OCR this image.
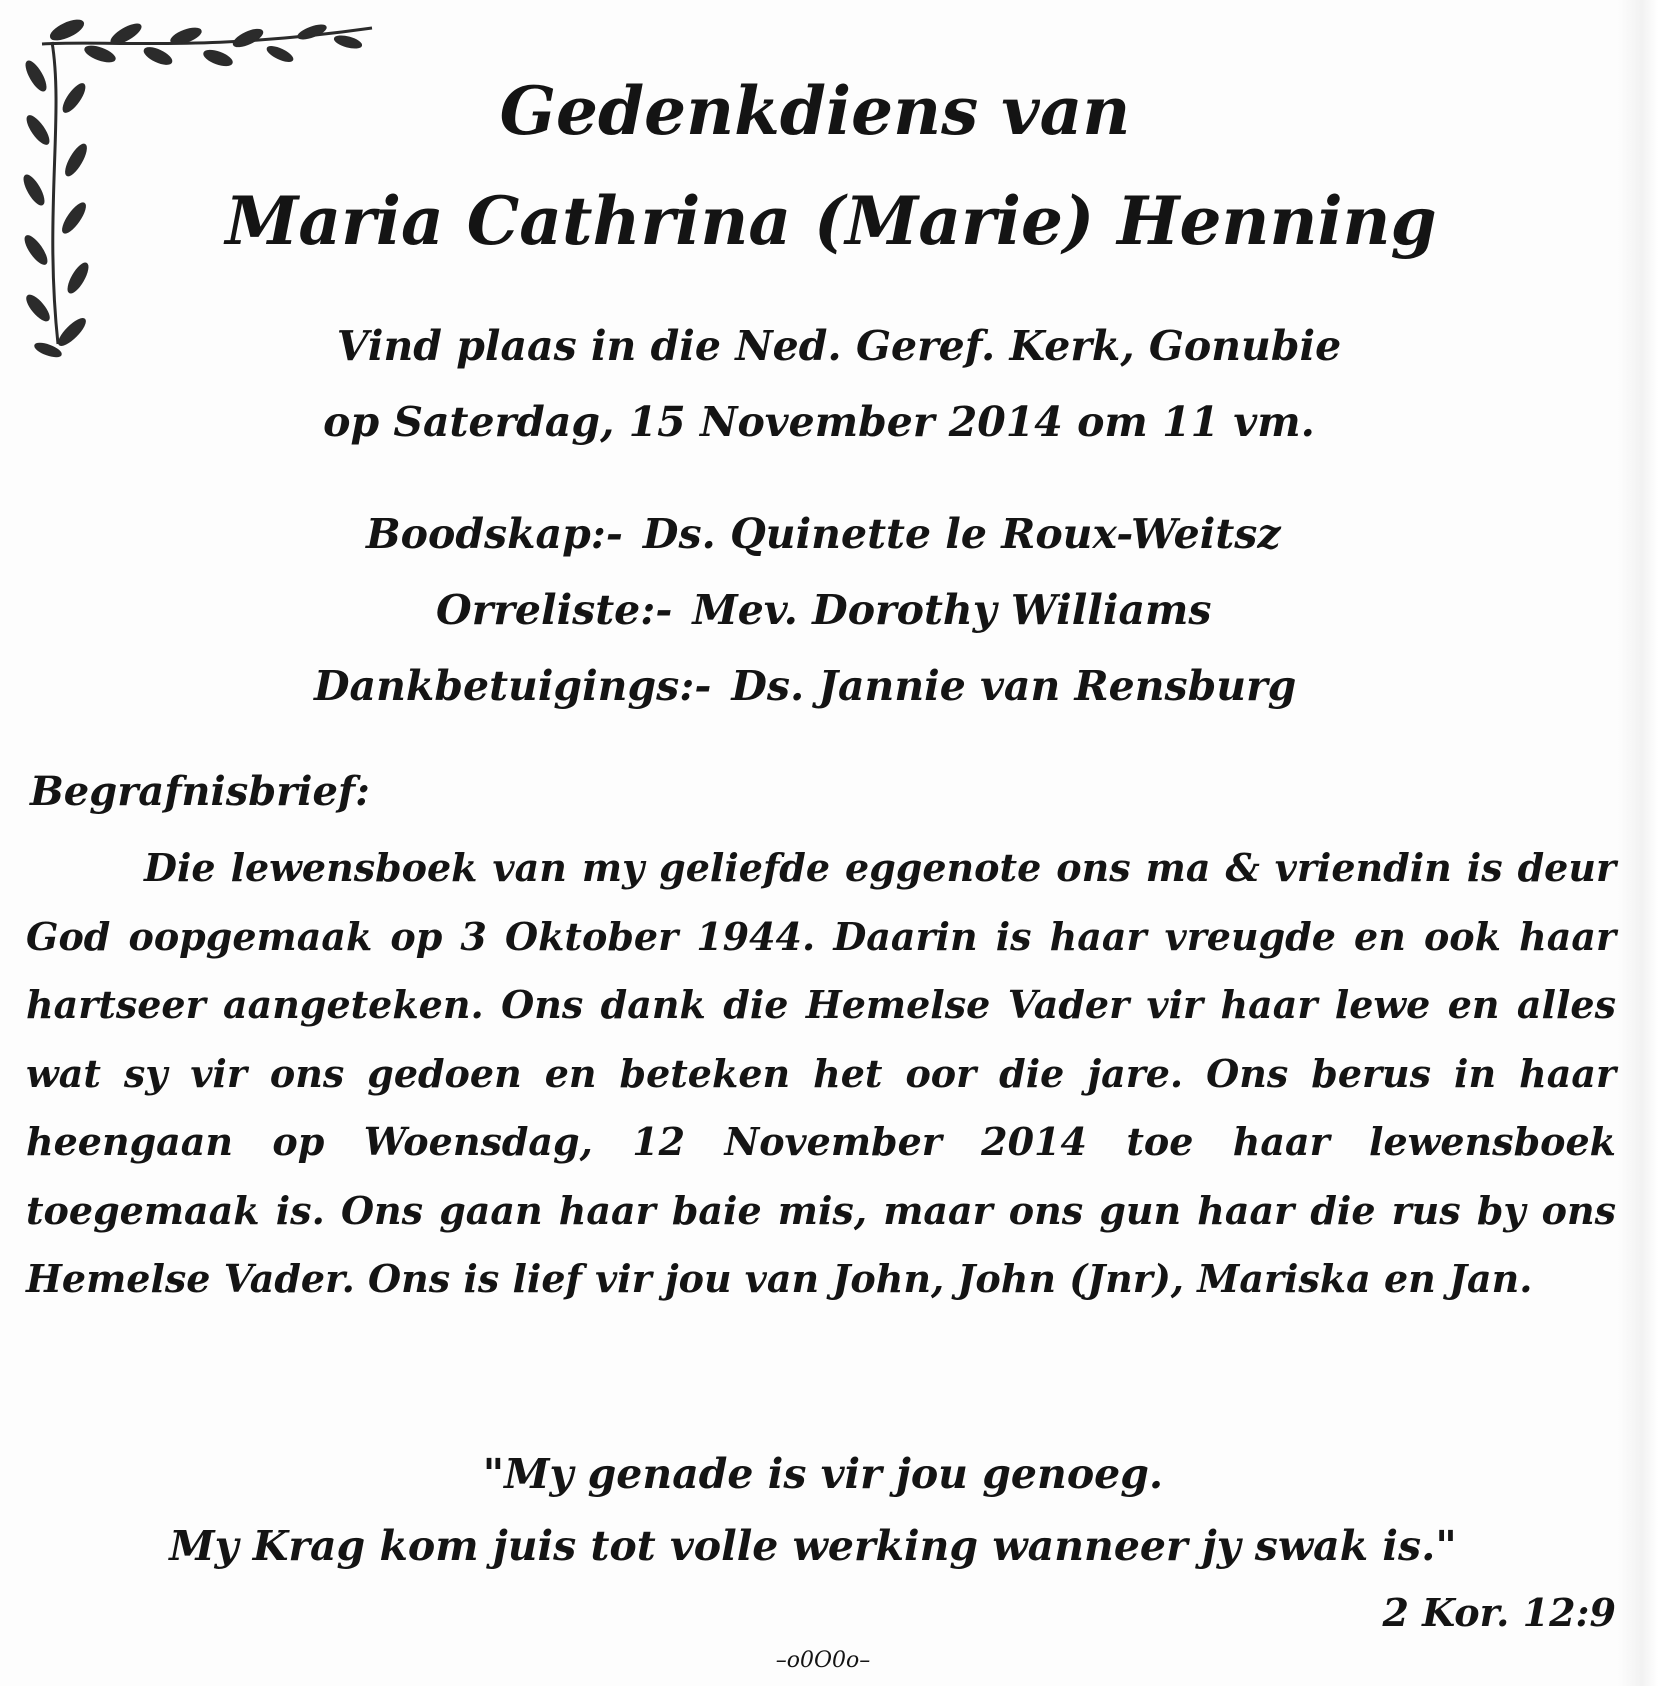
Gedenkdiens van
Maria Cathrina (Marie) Henning
Vind plaas in die Ned. Geref. Kerk, Gonubie
op Saterdag, 15 November 2014 om 11 vm.
Boodskap:- Ds. Quinette le Roux-Weitsz
Orreliste:- Mev. Dorothy Williams
Dankbetuigings:- Ds. Jannie van Rensburg
Begrafnisbrief:

Die lewensboek van my geliefde eggenote ons ma & vriendin is deur God oopgemaak op 3 Oktober 1944. Daarin is haar vreugde en ook haar hartseer aangeteken. Ons dank die Hemelse Vader vir haar lewe en alles wat sy vir ons gedoen en beteken het oor die jare. Ons berus in haar heengaan op Woensdag, 12 November 2014 toe haar lewensboek toegemaak is. Ons gaan haar baie mis, maar ons gun haar die rus by ons Hemelse Vader. Ons is lief vir jou van John, John (Jnr), Mariska en Jan.

"My genade is vir jou genoeg.
My Krag kom juis tot volle werking wanneer jy swak is."
2 Kor. 12:9
–o0O0o–
